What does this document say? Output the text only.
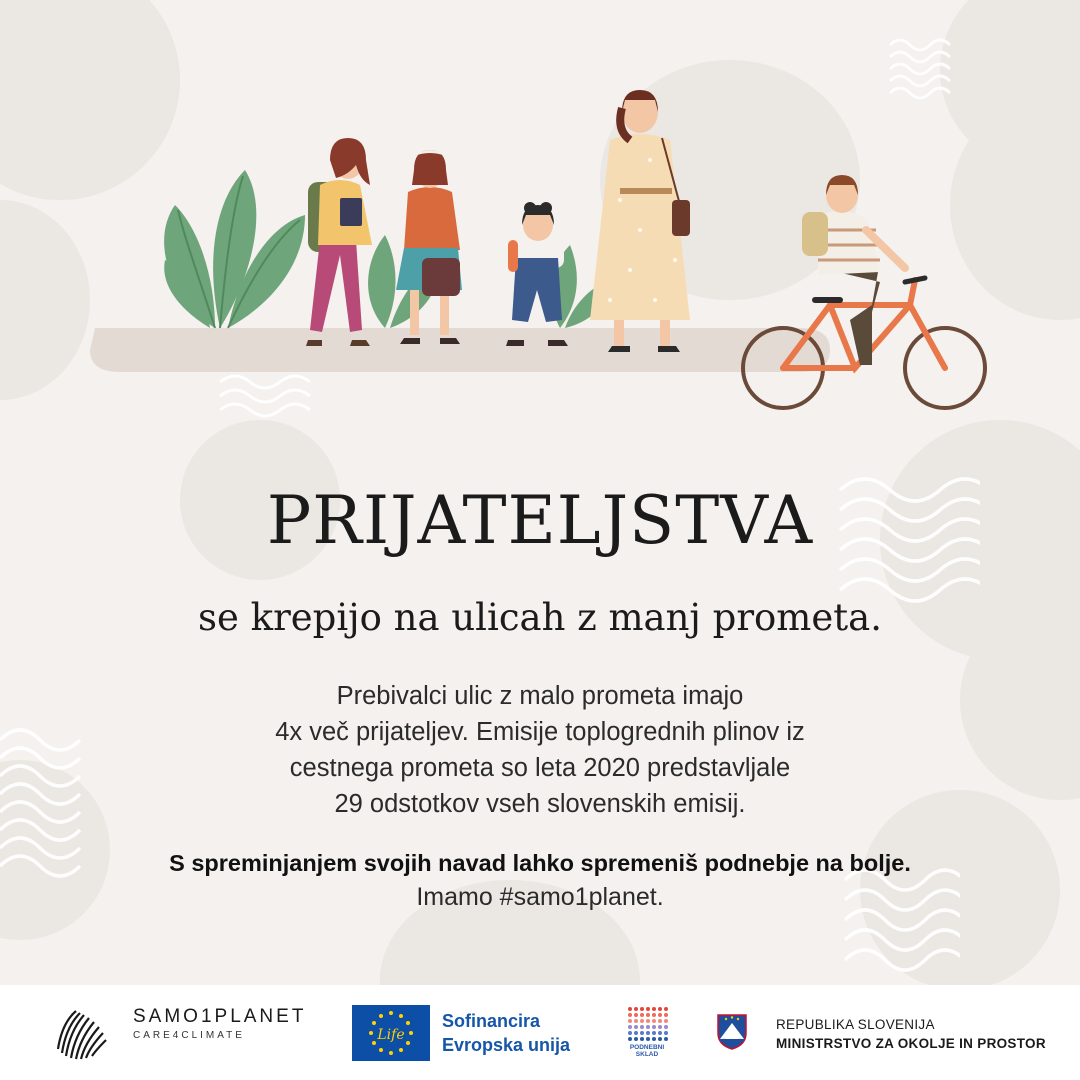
PRIJATELJSTVA
se krepijo na ulicah z manj prometa.
Prebivalci ulic z malo prometa imajo
4x več prijateljev. Emisije toplogrednih plinov iz
cestnega prometa so leta 2020 predstavljale
29 odstotkov vseh slovenskih emisij.
S spreminjanjem svojih navad lahko spremeniš podnebje na bolje.
Imamo #samo1planet.
SAMO1PLANET
CARE4CLIMATE	Life
Sofinancira
Evropska unija	PODNEBNI
SKLAD
REPUBLIKA SLOVENIJA
MINISTRSTVO ZA OKOLJE IN PROSTOR
